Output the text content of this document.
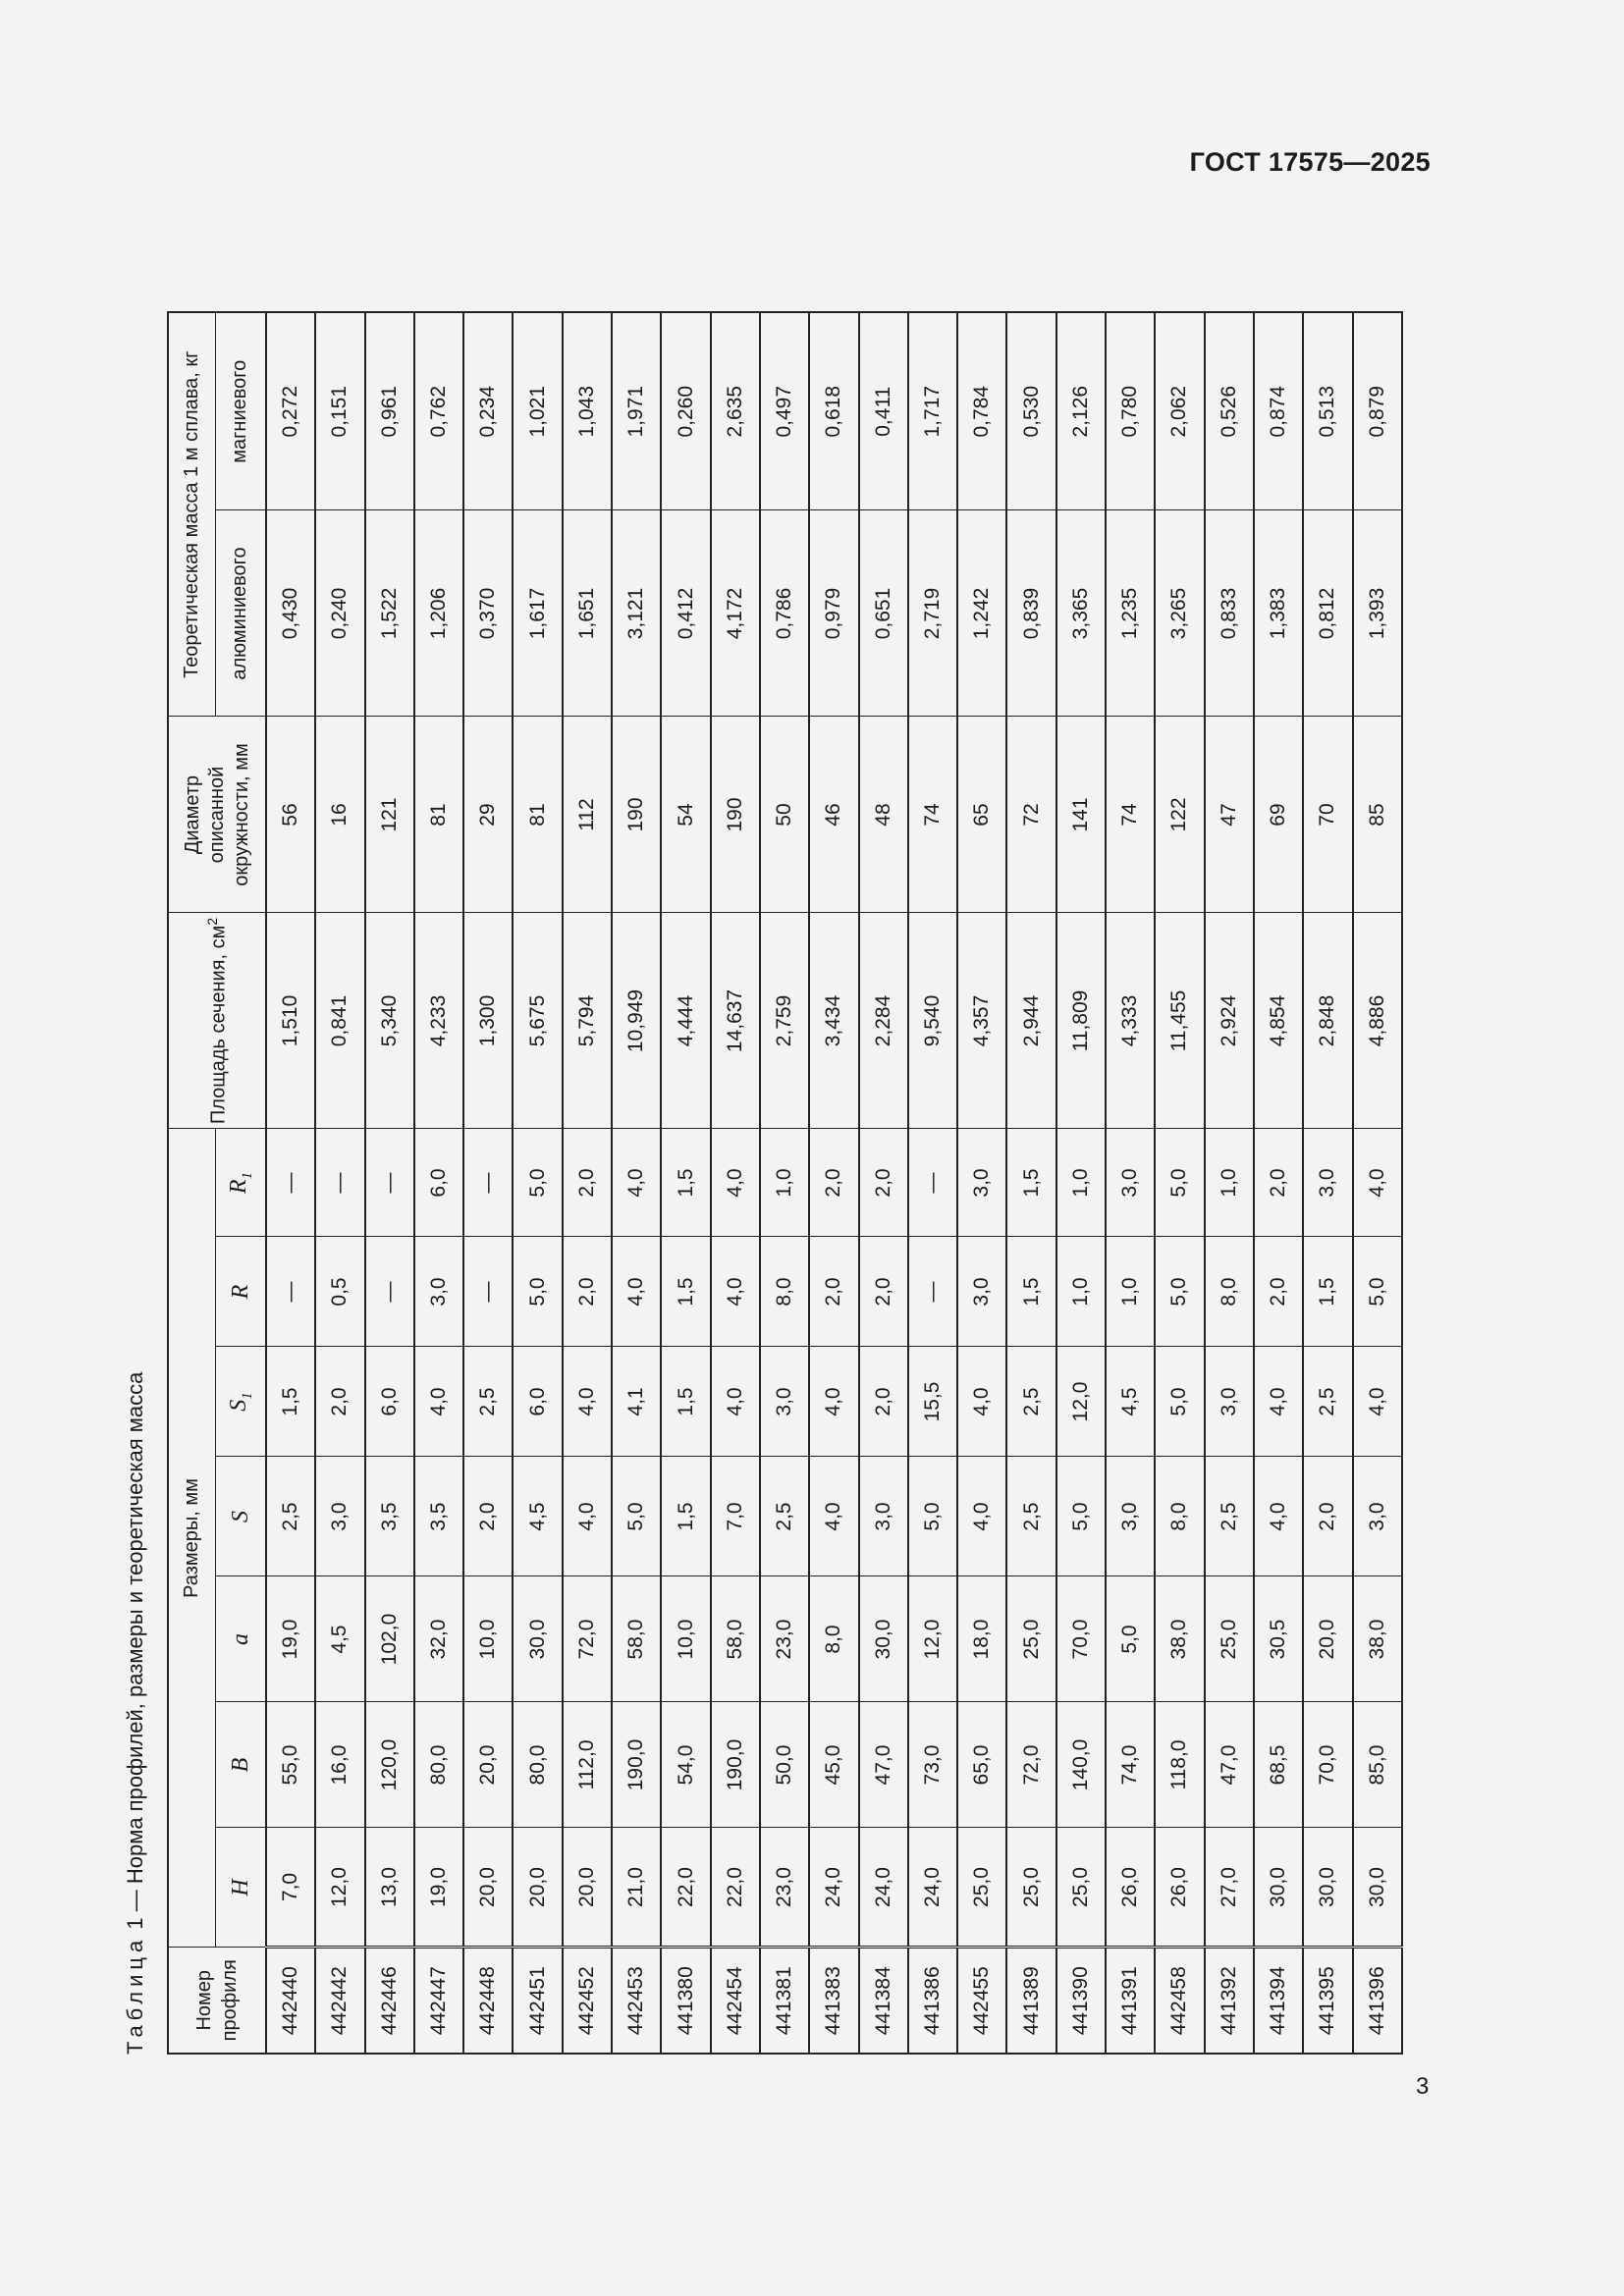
ГОСТ 17575—2025
Таблица 1 — Норма профилей, размеры и теоретическая масса
Номер профиля	Размеры, мм							Площадь сечения, $см^2$	Диаметр описанной окружности, мм	Теоретическая масса 1 м сплава, кг	
	H	B	a	S	$S_1$	R	$R_1$			алюминиевого	магниевого
442440	7,0	55,0	19,0	2,5	1,5	—	—	1,510	56	0,430	0,272
442442	12,0	16,0	4,5	3,0	2,0	0,5	—	0,841	16	0,240	0,151
442446	13,0	120,0	102,0	3,5	6,0	—	—	5,340	121	1,522	0,961
442447	19,0	80,0	32,0	3,5	4,0	3,0	6,0	4,233	81	1,206	0,762
442448	20,0	20,0	10,0	2,0	2,5	—	—	1,300	29	0,370	0,234
442451	20,0	80,0	30,0	4,5	6,0	5,0	5,0	5,675	81	1,617	1,021
442452	20,0	112,0	72,0	4,0	4,0	2,0	2,0	5,794	112	1,651	1,043
442453	21,0	190,0	58,0	5,0	4,1	4,0	4,0	10,949	190	3,121	1,971
441380	22,0	54,0	10,0	1,5	1,5	1,5	1,5	4,444	54	0,412	0,260
442454	22,0	190,0	58,0	7,0	4,0	4,0	4,0	14,637	190	4,172	2,635
441381	23,0	50,0	23,0	2,5	3,0	8,0	1,0	2,759	50	0,786	0,497
441383	24,0	45,0	8,0	4,0	4,0	2,0	2,0	3,434	46	0,979	0,618
441384	24,0	47,0	30,0	3,0	2,0	2,0	2,0	2,284	48	0,651	0,411
441386	24,0	73,0	12,0	5,0	15,5	—	—	9,540	74	2,719	1,717
442455	25,0	65,0	18,0	4,0	4,0	3,0	3,0	4,357	65	1,242	0,784
441389	25,0	72,0	25,0	2,5	2,5	1,5	1,5	2,944	72	0,839	0,530
441390	25,0	140,0	70,0	5,0	12,0	1,0	1,0	11,809	141	3,365	2,126
441391	26,0	74,0	5,0	3,0	4,5	1,0	3,0	4,333	74	1,235	0,780
442458	26,0	118,0	38,0	8,0	5,0	5,0	5,0	11,455	122	3,265	2,062
441392	27,0	47,0	25,0	2,5	3,0	8,0	1,0	2,924	47	0,833	0,526
441394	30,0	68,5	30,5	4,0	4,0	2,0	2,0	4,854	69	1,383	0,874
441395	30,0	70,0	20,0	2,0	2,5	1,5	3,0	2,848	70	0,812	0,513
441396	30,0	85,0	38,0	3,0	4,0	5,0	4,0	4,886	85	1,393	0,879
3
